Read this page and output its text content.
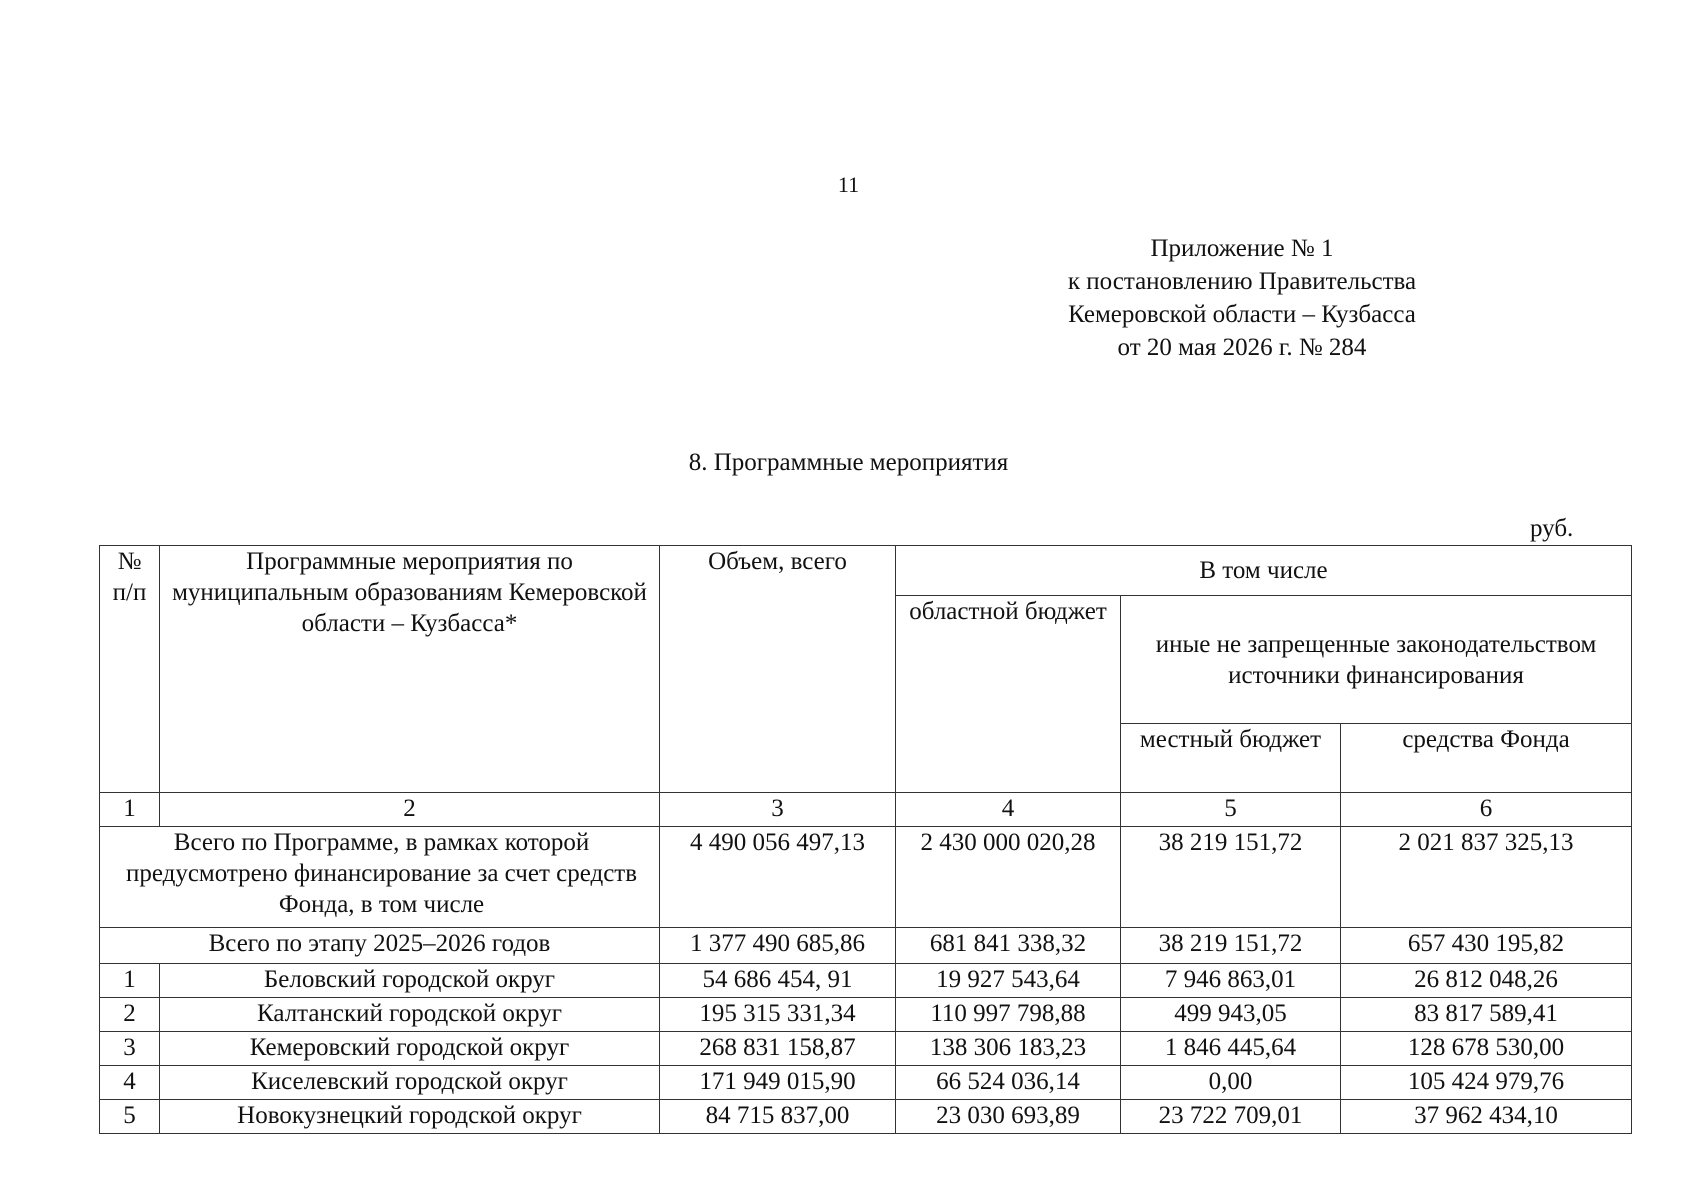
11
Приложение № 1
к постановлению Правительства
Кемеровской области – Кузбасса
от 20 мая 2026 г. № 284
8. Программные мероприятия
руб.
№ п/п	Программные мероприятия по муниципальным образованиям Кемеровской области – Кузбасса*	Объем, всего	В том числе		
			областной бюджет	иные не запрещенные законодательством источники финансирования	
				местный бюджет	средства Фонда
1	2	3	4	5	6
Всего по Программе, в рамках которой предусмотрено финансирование за счет средств Фонда, в том числе		4 490 056 497,13	2 430 000 020,28	38 219 151,72	2 021 837 325,13
Всего по этапу 2025–2026 годов		1 377 490 685,86	681 841 338,32	38 219 151,72	657 430 195,82
1	Беловский городской округ	54 686 454, 91	19 927 543,64	7 946 863,01	26 812 048,26
2	Калтанский городской округ	195 315 331,34	110 997 798,88	499 943,05	83 817 589,41
3	Кемеровский городской округ	268 831 158,87	138 306 183,23	1 846 445,64	128 678 530,00
4	Киселевский городской округ	171 949 015,90	66 524 036,14	0,00	105 424 979,76
5	Новокузнецкий городской округ	84 715 837,00	23 030 693,89	23 722 709,01	37 962 434,10
